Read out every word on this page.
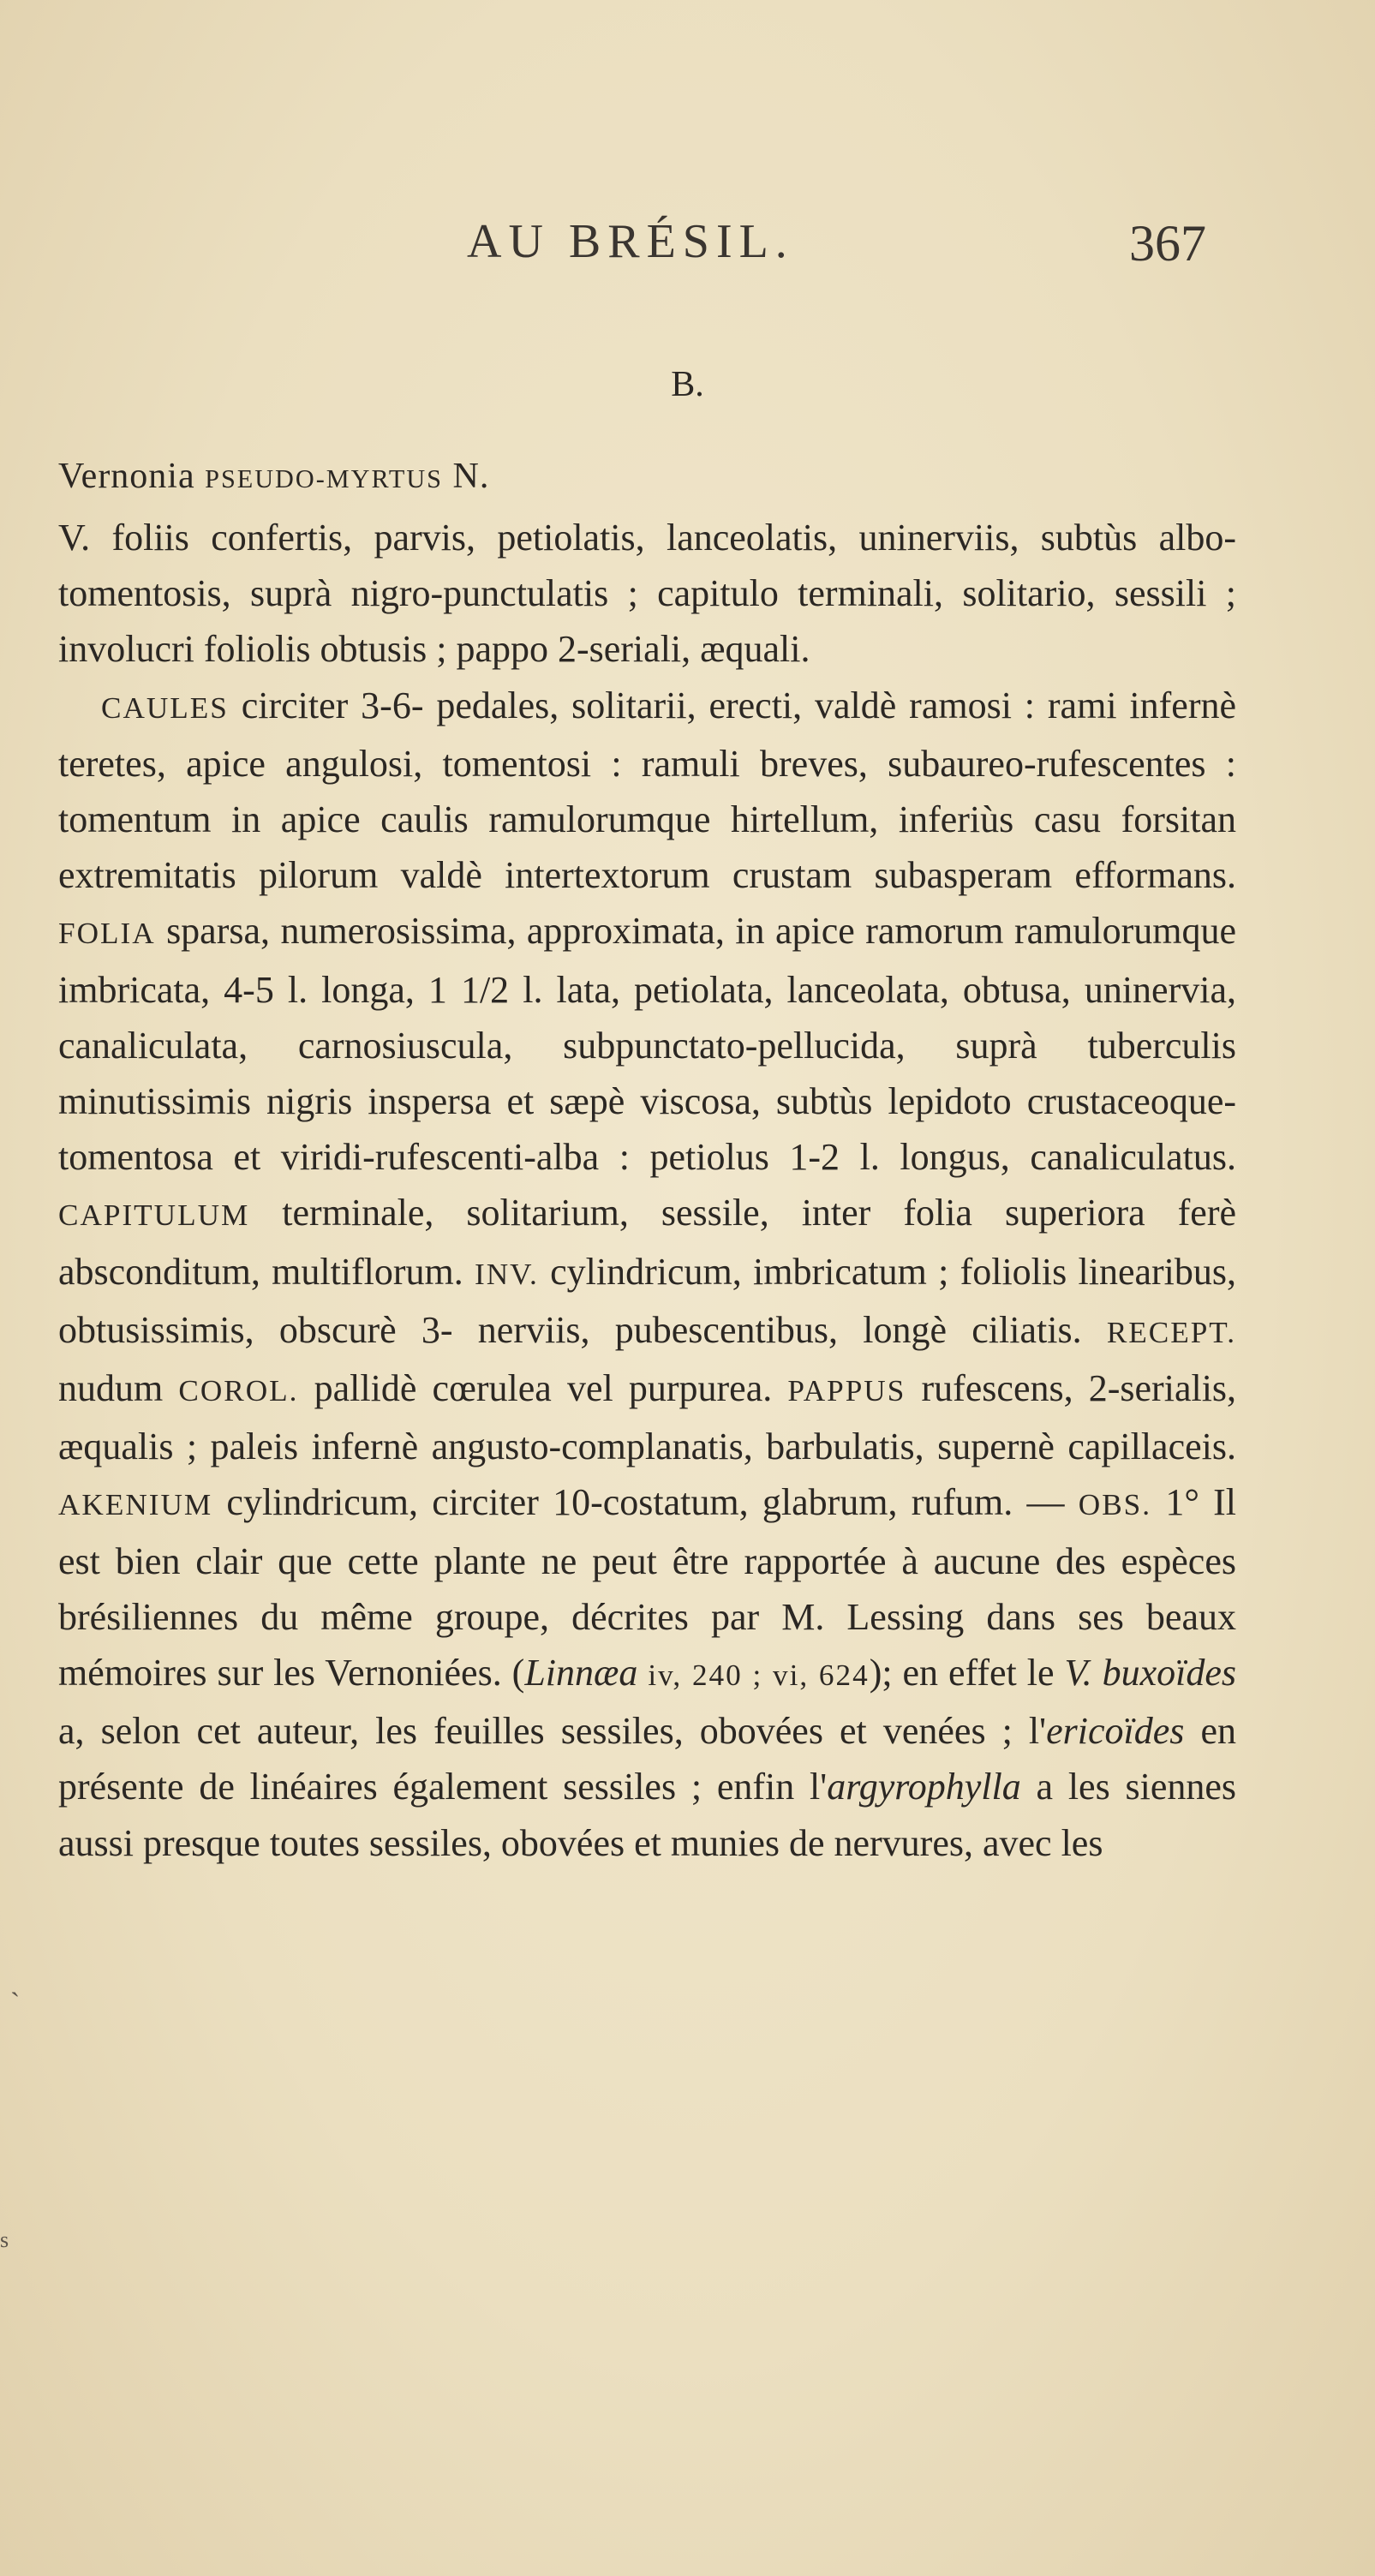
AU BRÉSIL.	367
B.
Vernonia PSEUDO-MYRTUS N.

V. foliis confertis, parvis, petiolatis, lanceolatis, uninerviis, subtùs albo-tomentosis, suprà nigro-punctulatis ; capitulo terminali, solitario, sessili ; involucri foliolis obtusis ; pappo 2-seriali, æquali.

CAULES circiter 3-6- pedales, solitarii, erecti, valdè ramosi : rami infernè teretes, apice angulosi, tomentosi : ramuli breves, subaureo-rufescentes : tomentum in apice caulis ramulorumque hirtellum, inferiùs casu forsitan extremitatis pilorum valdè intertextorum crustam subasperam efformans. FOLIA sparsa, numerosissima, approximata, in apice ramorum ramulorumque imbricata, 4-5 l. longa, 1 1/2 l. lata, petiolata, lanceolata, obtusa, uninervia, canaliculata, carnosiuscula, subpunctato-pellucida, suprà tuberculis minutissimis nigris inspersa et sæpè viscosa, subtùs lepidoto crustaceoque-tomentosa et viridi-rufescenti-alba : petiolus 1-2 l. longus, canaliculatus. CAPITULUM terminale, solitarium, sessile, inter folia superiora ferè absconditum, multiflorum. INV. cylindricum, imbricatum ; foliolis linearibus, obtusissimis, obscurè 3- nerviis, pubescentibus, longè ciliatis. RECEPT. nudum COROL. pallidè cœrulea vel purpurea. PAPPUS rufescens, 2-serialis, æqualis ; paleis infernè angusto-complanatis, barbulatis, supernè capillaceis. AKENIUM cylindricum, circiter 10-costatum, glabrum, rufum. — OBS. 1° Il est bien clair que cette plante ne peut être rapportée à aucune des espèces brésiliennes du même groupe, décrites par M. Lessing dans ses beaux mémoires sur les Vernoniées. (Linnæa iv, 240 ; vi, 624); en effet le V. buxoïdes a, selon cet auteur, les feuilles sessiles, obovées et venées ; l'ericoïdes en présente de linéaires également sessiles ; enfin l'argyrophylla a les siennes aussi presque toutes sessiles, obovées et munies de nervures, avec les

`
s
